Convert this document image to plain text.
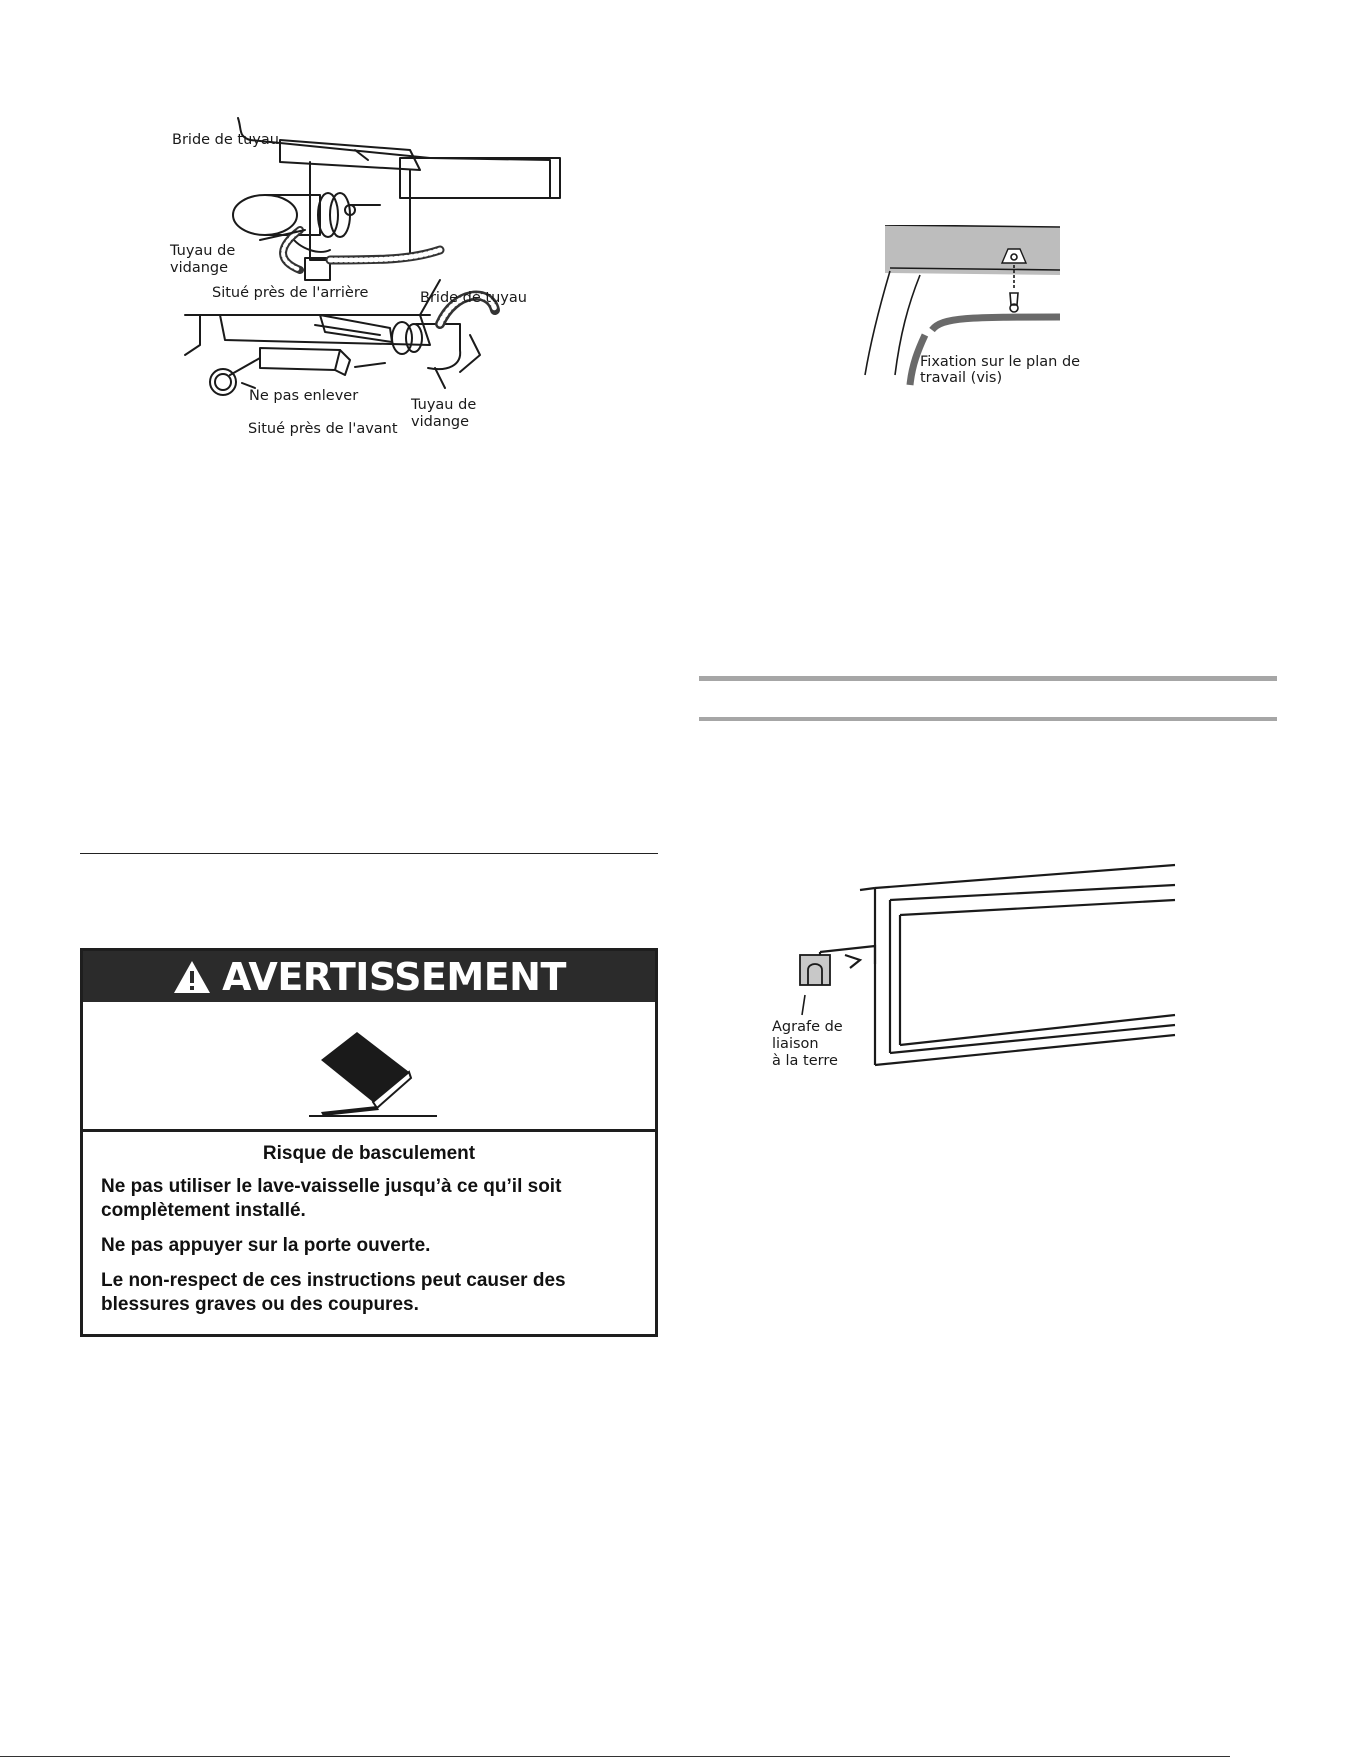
Bride de tuyau
Tuyau de
vidange
Situé près de l'arrière	Bride de tuyau
Ne pas enlever
Tuyau de
vidange
Situé près de l'avant
Fixation sur le plan de
travail (vis)
Agrafe de
liaison
à la terre
AVERTISSEMENT
Risque de basculement

Ne pas utiliser le lave-vaisselle jusqu’à ce qu’il soit complètement installé.

Ne pas appuyer sur la porte ouverte.

Le non-respect de ces instructions peut causer des blessures graves ou des coupures.
